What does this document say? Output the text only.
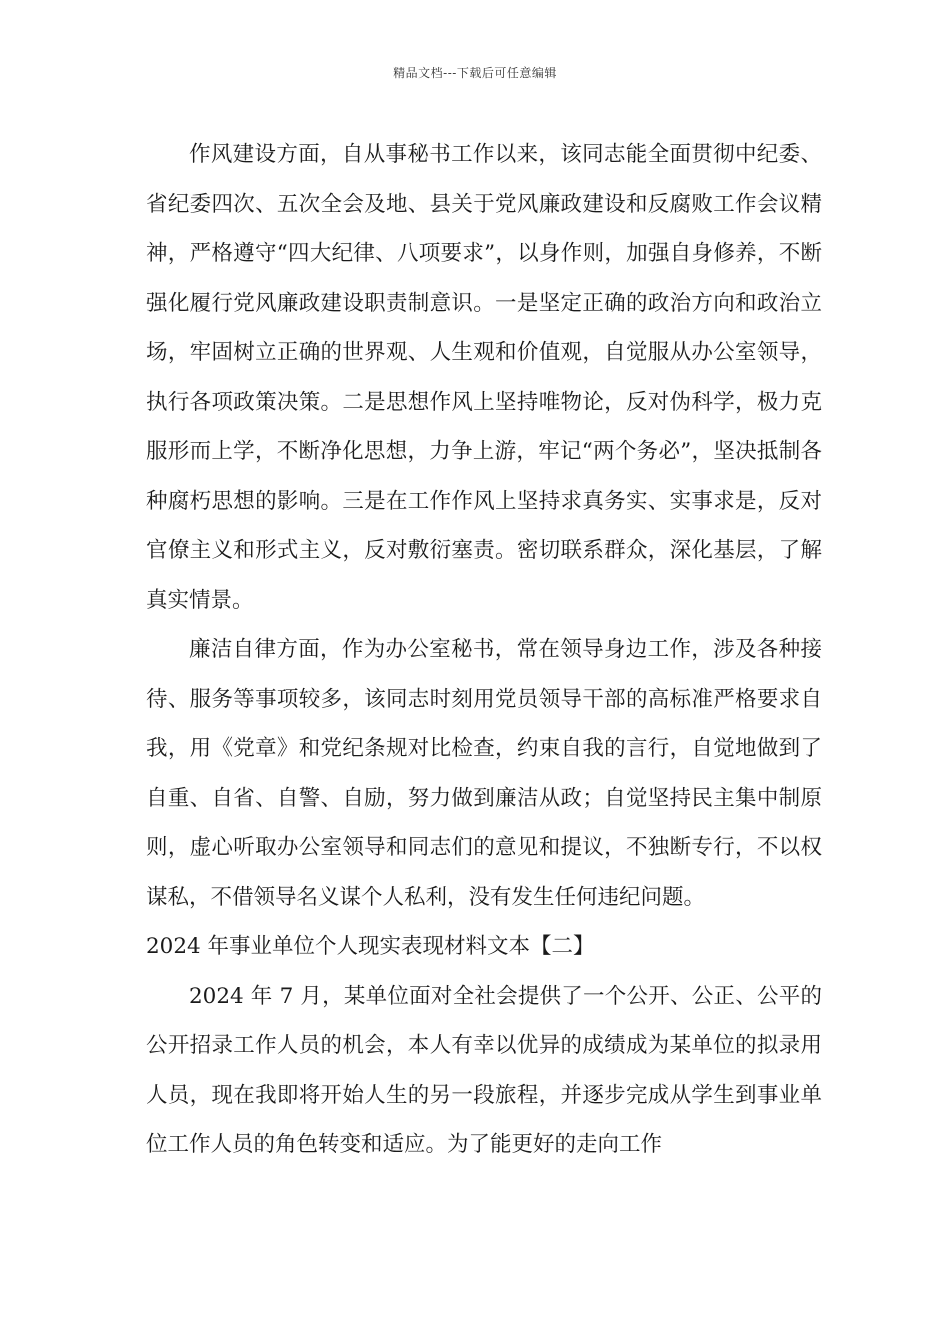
精品文档---下载后可任意编辑

作风建设方面，自从事秘书工作以来，该同志能全面贯彻中纪委、省纪委四次、五次全会及地、县关于党风廉政建设和反腐败工作会议精神，严格遵守“四大纪律、八项要求”，以身作则，加强自身修养，不断强化履行党风廉政建设职责制意识。一是坚定正确的政治方向和政治立场，牢固树立正确的世界观、人生观和价值观，自觉服从办公室领导，执行各项政策决策。二是思想作风上坚持唯物论，反对伪科学，极力克服形而上学，不断净化思想，力争上游，牢记“两个务必”，坚决抵制各种腐朽思想的影响。三是在工作作风上坚持求真务实、实事求是，反对官僚主义和形式主义，反对敷衍塞责。密切联系群众，深化基层，了解真实情景。

廉洁自律方面，作为办公室秘书，常在领导身边工作，涉及各种接待、服务等事项较多，该同志时刻用党员领导干部的高标准严格要求自我，用《党章》和党纪条规对比检查，约束自我的言行，自觉地做到了自重、自省、自警、自励，努力做到廉洁从政；自觉坚持民主集中制原则，虚心听取办公室领导和同志们的意见和提议，不独断专行，不以权谋私，不借领导名义谋个人私利，没有发生任何违纪问题。

2024 年事业单位个人现实表现材料文本【二】

2024 年 7 月，某单位面对全社会提供了一个公开、公正、公平的公开招录工作人员的机会，本人有幸以优异的成绩成为某单位的拟录用人员，现在我即将开始人生的另一段旅程，并逐步完成从学生到事业单位工作人员的角色转变和适应。为了能更好的走向工作
